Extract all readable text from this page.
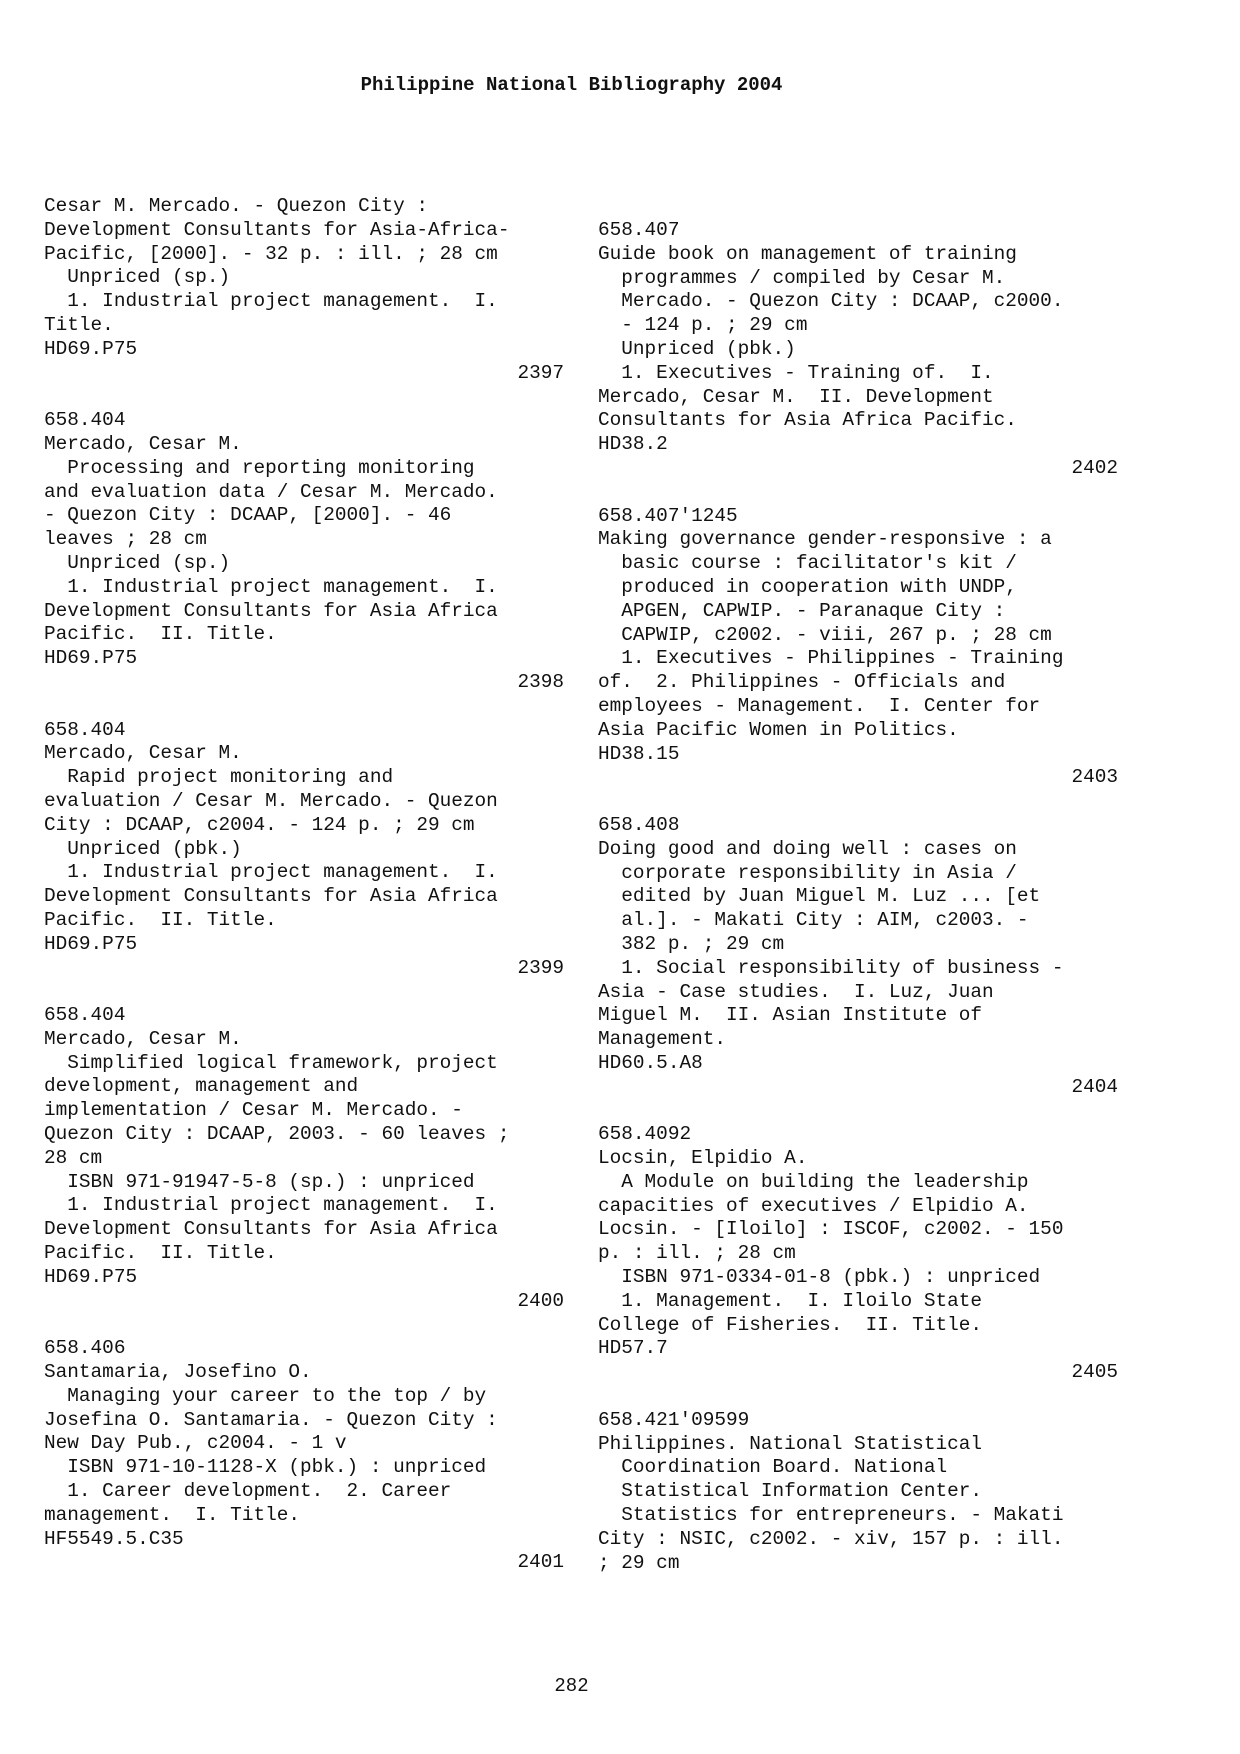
Philippine National Bibliography 2004
Cesar M. Mercado. - Quezon City :
Development Consultants for Asia-Africa-
Pacific, [2000]. - 32 p. : ill. ; 28 cm
Unpriced (sp.)
1. Industrial project management.  I.
Title.
HD69.P75
2397
658.404
Mercado, Cesar M.
Processing and reporting monitoring
and evaluation data / Cesar M. Mercado.
- Quezon City : DCAAP, [2000]. - 46
leaves ; 28 cm
Unpriced (sp.)
1. Industrial project management.  I.
Development Consultants for Asia Africa
Pacific.  II. Title.
HD69.P75
2398
658.404
Mercado, Cesar M.
Rapid project monitoring and
evaluation / Cesar M. Mercado. - Quezon
City : DCAAP, c2004. - 124 p. ; 29 cm
Unpriced (pbk.)
1. Industrial project management.  I.
Development Consultants for Asia Africa
Pacific.  II. Title.
HD69.P75
2399
658.404
Mercado, Cesar M.
Simplified logical framework, project
development, management and
implementation / Cesar M. Mercado. -
Quezon City : DCAAP, 2003. - 60 leaves ;
28 cm
ISBN 971-91947-5-8 (sp.) : unpriced
1. Industrial project management.  I.
Development Consultants for Asia Africa
Pacific.  II. Title.
HD69.P75
2400
658.406
Santamaria, Josefino O.
Managing your career to the top / by
Josefina O. Santamaria. - Quezon City :
New Day Pub., c2004. - 1 v
ISBN 971-10-1128-X (pbk.) : unpriced
1. Career development.  2. Career
management.  I. Title.
HF5549.5.C35
2401
658.407
Guide book on management of training
programmes / compiled by Cesar M.
Mercado. - Quezon City : DCAAP, c2000.
- 124 p. ; 29 cm
Unpriced (pbk.)
1. Executives - Training of.  I.
Mercado, Cesar M.  II. Development
Consultants for Asia Africa Pacific.
HD38.2
2402
658.407'1245
Making governance gender-responsive : a
basic course : facilitator's kit /
produced in cooperation with UNDP,
APGEN, CAPWIP. - Paranaque City :
CAPWIP, c2002. - viii, 267 p. ; 28 cm
1. Executives - Philippines - Training
of.  2. Philippines - Officials and
employees - Management.  I. Center for
Asia Pacific Women in Politics.
HD38.15
2403
658.408
Doing good and doing well : cases on
corporate responsibility in Asia /
edited by Juan Miguel M. Luz ... [et
al.]. - Makati City : AIM, c2003. -
382 p. ; 29 cm
1. Social responsibility of business -
Asia - Case studies.  I. Luz, Juan
Miguel M.  II. Asian Institute of
Management.
HD60.5.A8
2404
658.4092
Locsin, Elpidio A.
A Module on building the leadership
capacities of executives / Elpidio A.
Locsin. - [Iloilo] : ISCOF, c2002. - 150
p. : ill. ; 28 cm
ISBN 971-0334-01-8 (pbk.) : unpriced
1. Management.  I. Iloilo State
College of Fisheries.  II. Title.
HD57.7
2405
658.421'09599
Philippines. National Statistical
Coordination Board. National
Statistical Information Center.
Statistics for entrepreneurs. - Makati
City : NSIC, c2002. - xiv, 157 p. : ill.
; 29 cm
282
